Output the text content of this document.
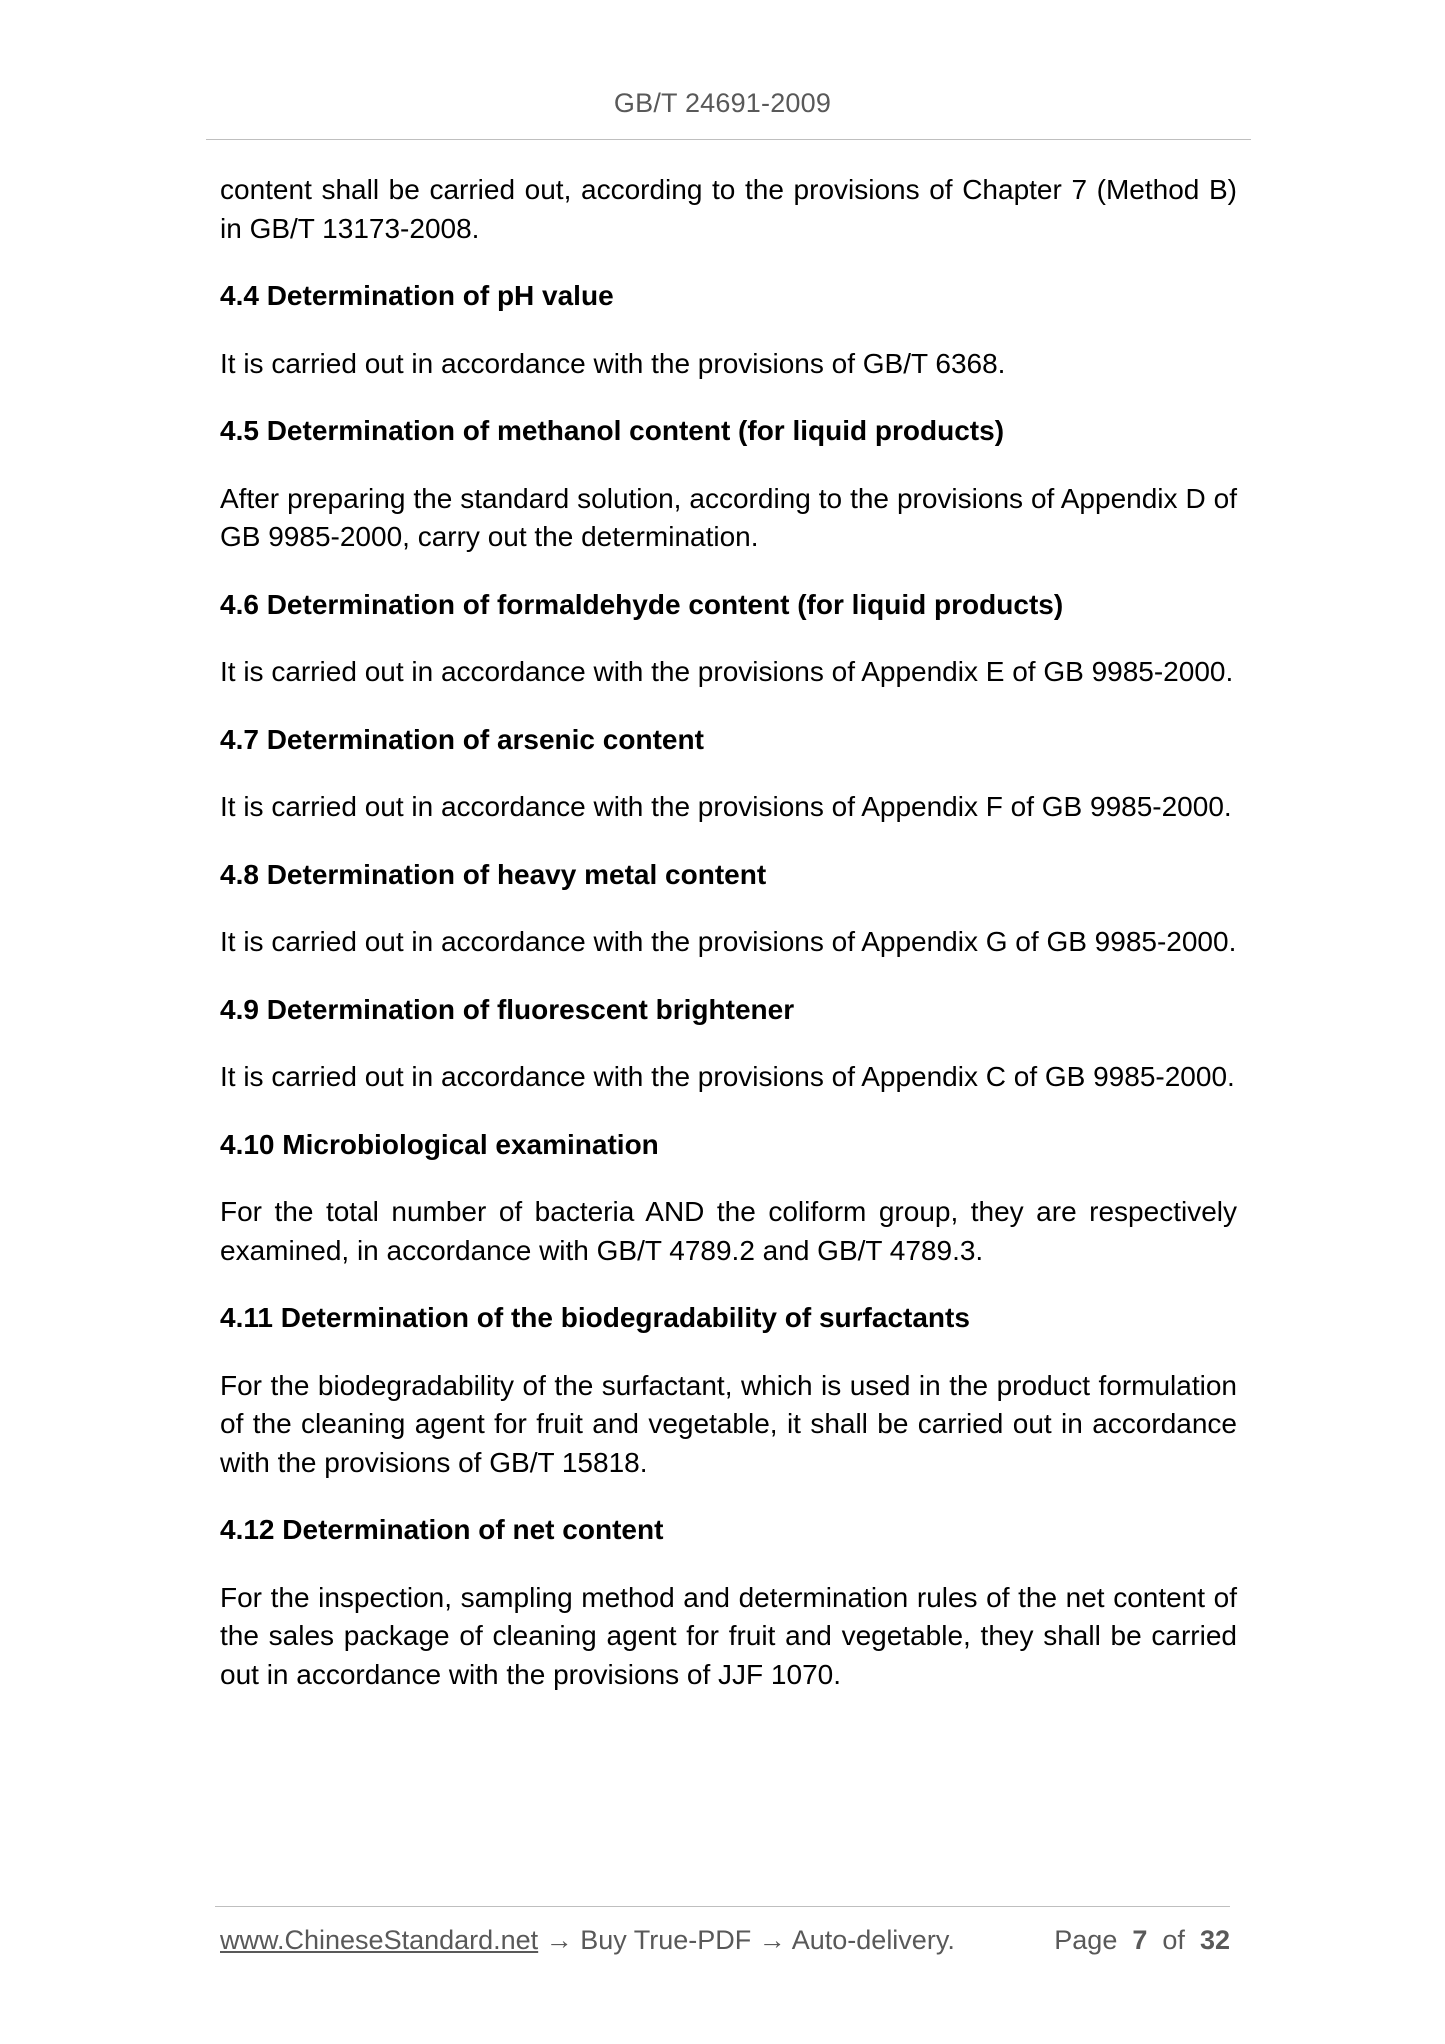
GB/T 24691-2009

content shall be carried out, according to the provisions of Chapter 7 (Method B) in GB/T 13173-2008.

4.4 Determination of pH value

It is carried out in accordance with the provisions of GB/T 6368.

4.5 Determination of methanol content (for liquid products)

After preparing the standard solution, according to the provisions of Appendix D of GB 9985-2000, carry out the determination.

4.6 Determination of formaldehyde content (for liquid products)

It is carried out in accordance with the provisions of Appendix E of GB 9985-2000.

4.7 Determination of arsenic content

It is carried out in accordance with the provisions of Appendix F of GB 9985-2000.

4.8 Determination of heavy metal content

It is carried out in accordance with the provisions of Appendix G of GB 9985-2000.

4.9 Determination of fluorescent brightener

It is carried out in accordance with the provisions of Appendix C of GB 9985-2000.

4.10 Microbiological examination

For the total number of bacteria AND the coliform group, they are respectively examined, in accordance with GB/T 4789.2 and GB/T 4789.3.

4.11 Determination of the biodegradability of surfactants

For the biodegradability of the surfactant, which is used in the product formulation of the cleaning agent for fruit and vegetable, it shall be carried out in accordance with the provisions of GB/T 15818.

4.12 Determination of net content

For the inspection, sampling method and determination rules of the net content of the sales package of cleaning agent for fruit and vegetable, they shall be carried out in accordance with the provisions of JJF 1070.

www.ChineseStandard.net → Buy True-PDF → Auto-delivery.	Page 7 of 32
